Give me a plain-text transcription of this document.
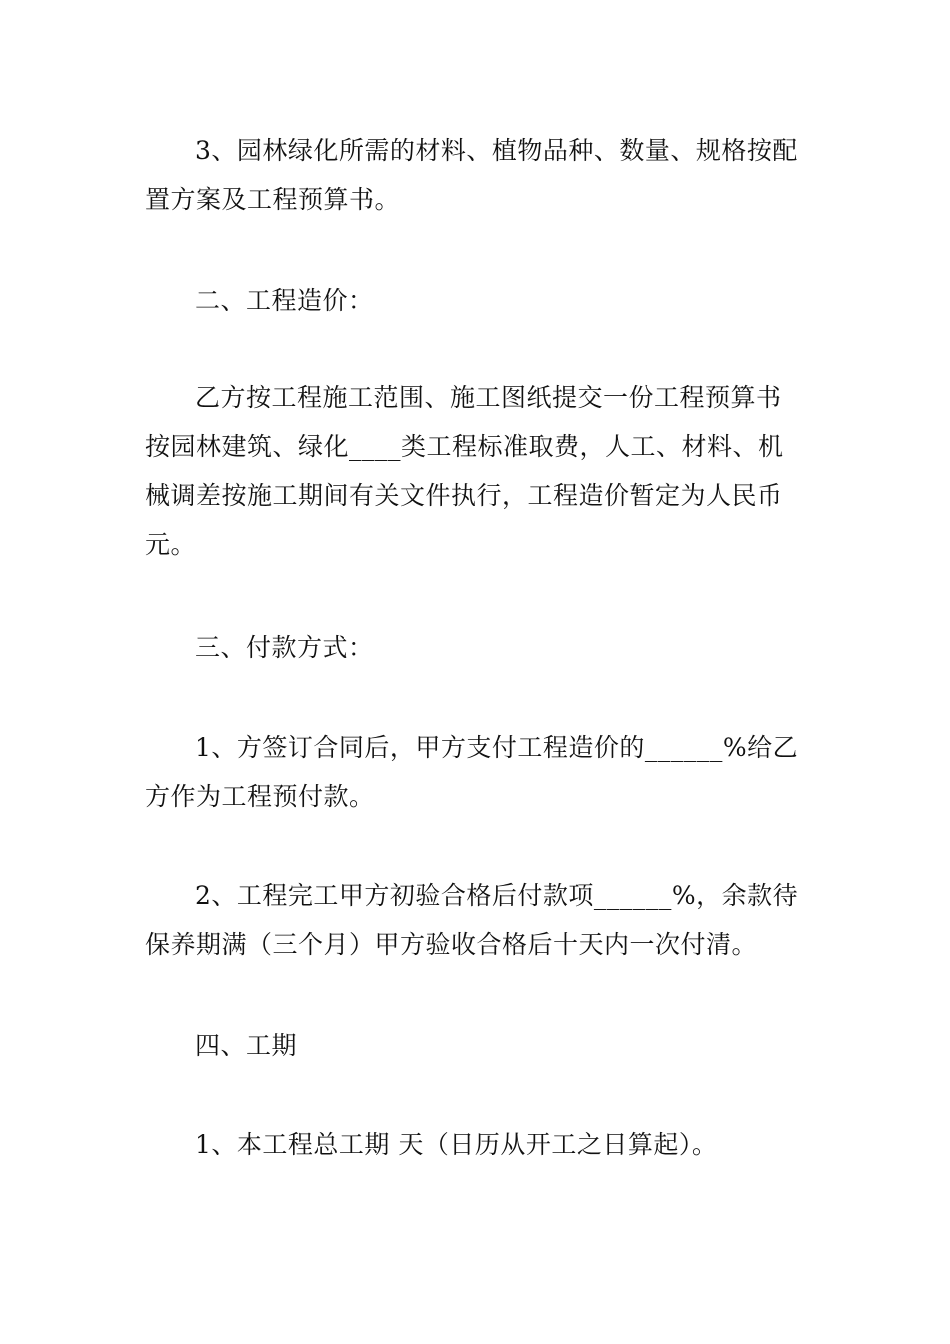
3、园林绿化所需的材料、植物品种、数量、规格按配
置方案及工程预算书。

二、工程造价：

乙方按工程施工范围、施工图纸提交一份工程预算书
按园林建筑、绿化____类工程标准取费，人工、材料、机
械调差按施工期间有关文件执行，工程造价暂定为人民币
元。

三、付款方式：

1、方签订合同后，甲方支付工程造价的______%给乙
方作为工程预付款。

2、工程完工甲方初验合格后付款项______%，余款待
保养期满（三个月）甲方验收合格后十天内一次付清。

四、工期

1、本工程总工期 天（日历从开工之日算起）。
